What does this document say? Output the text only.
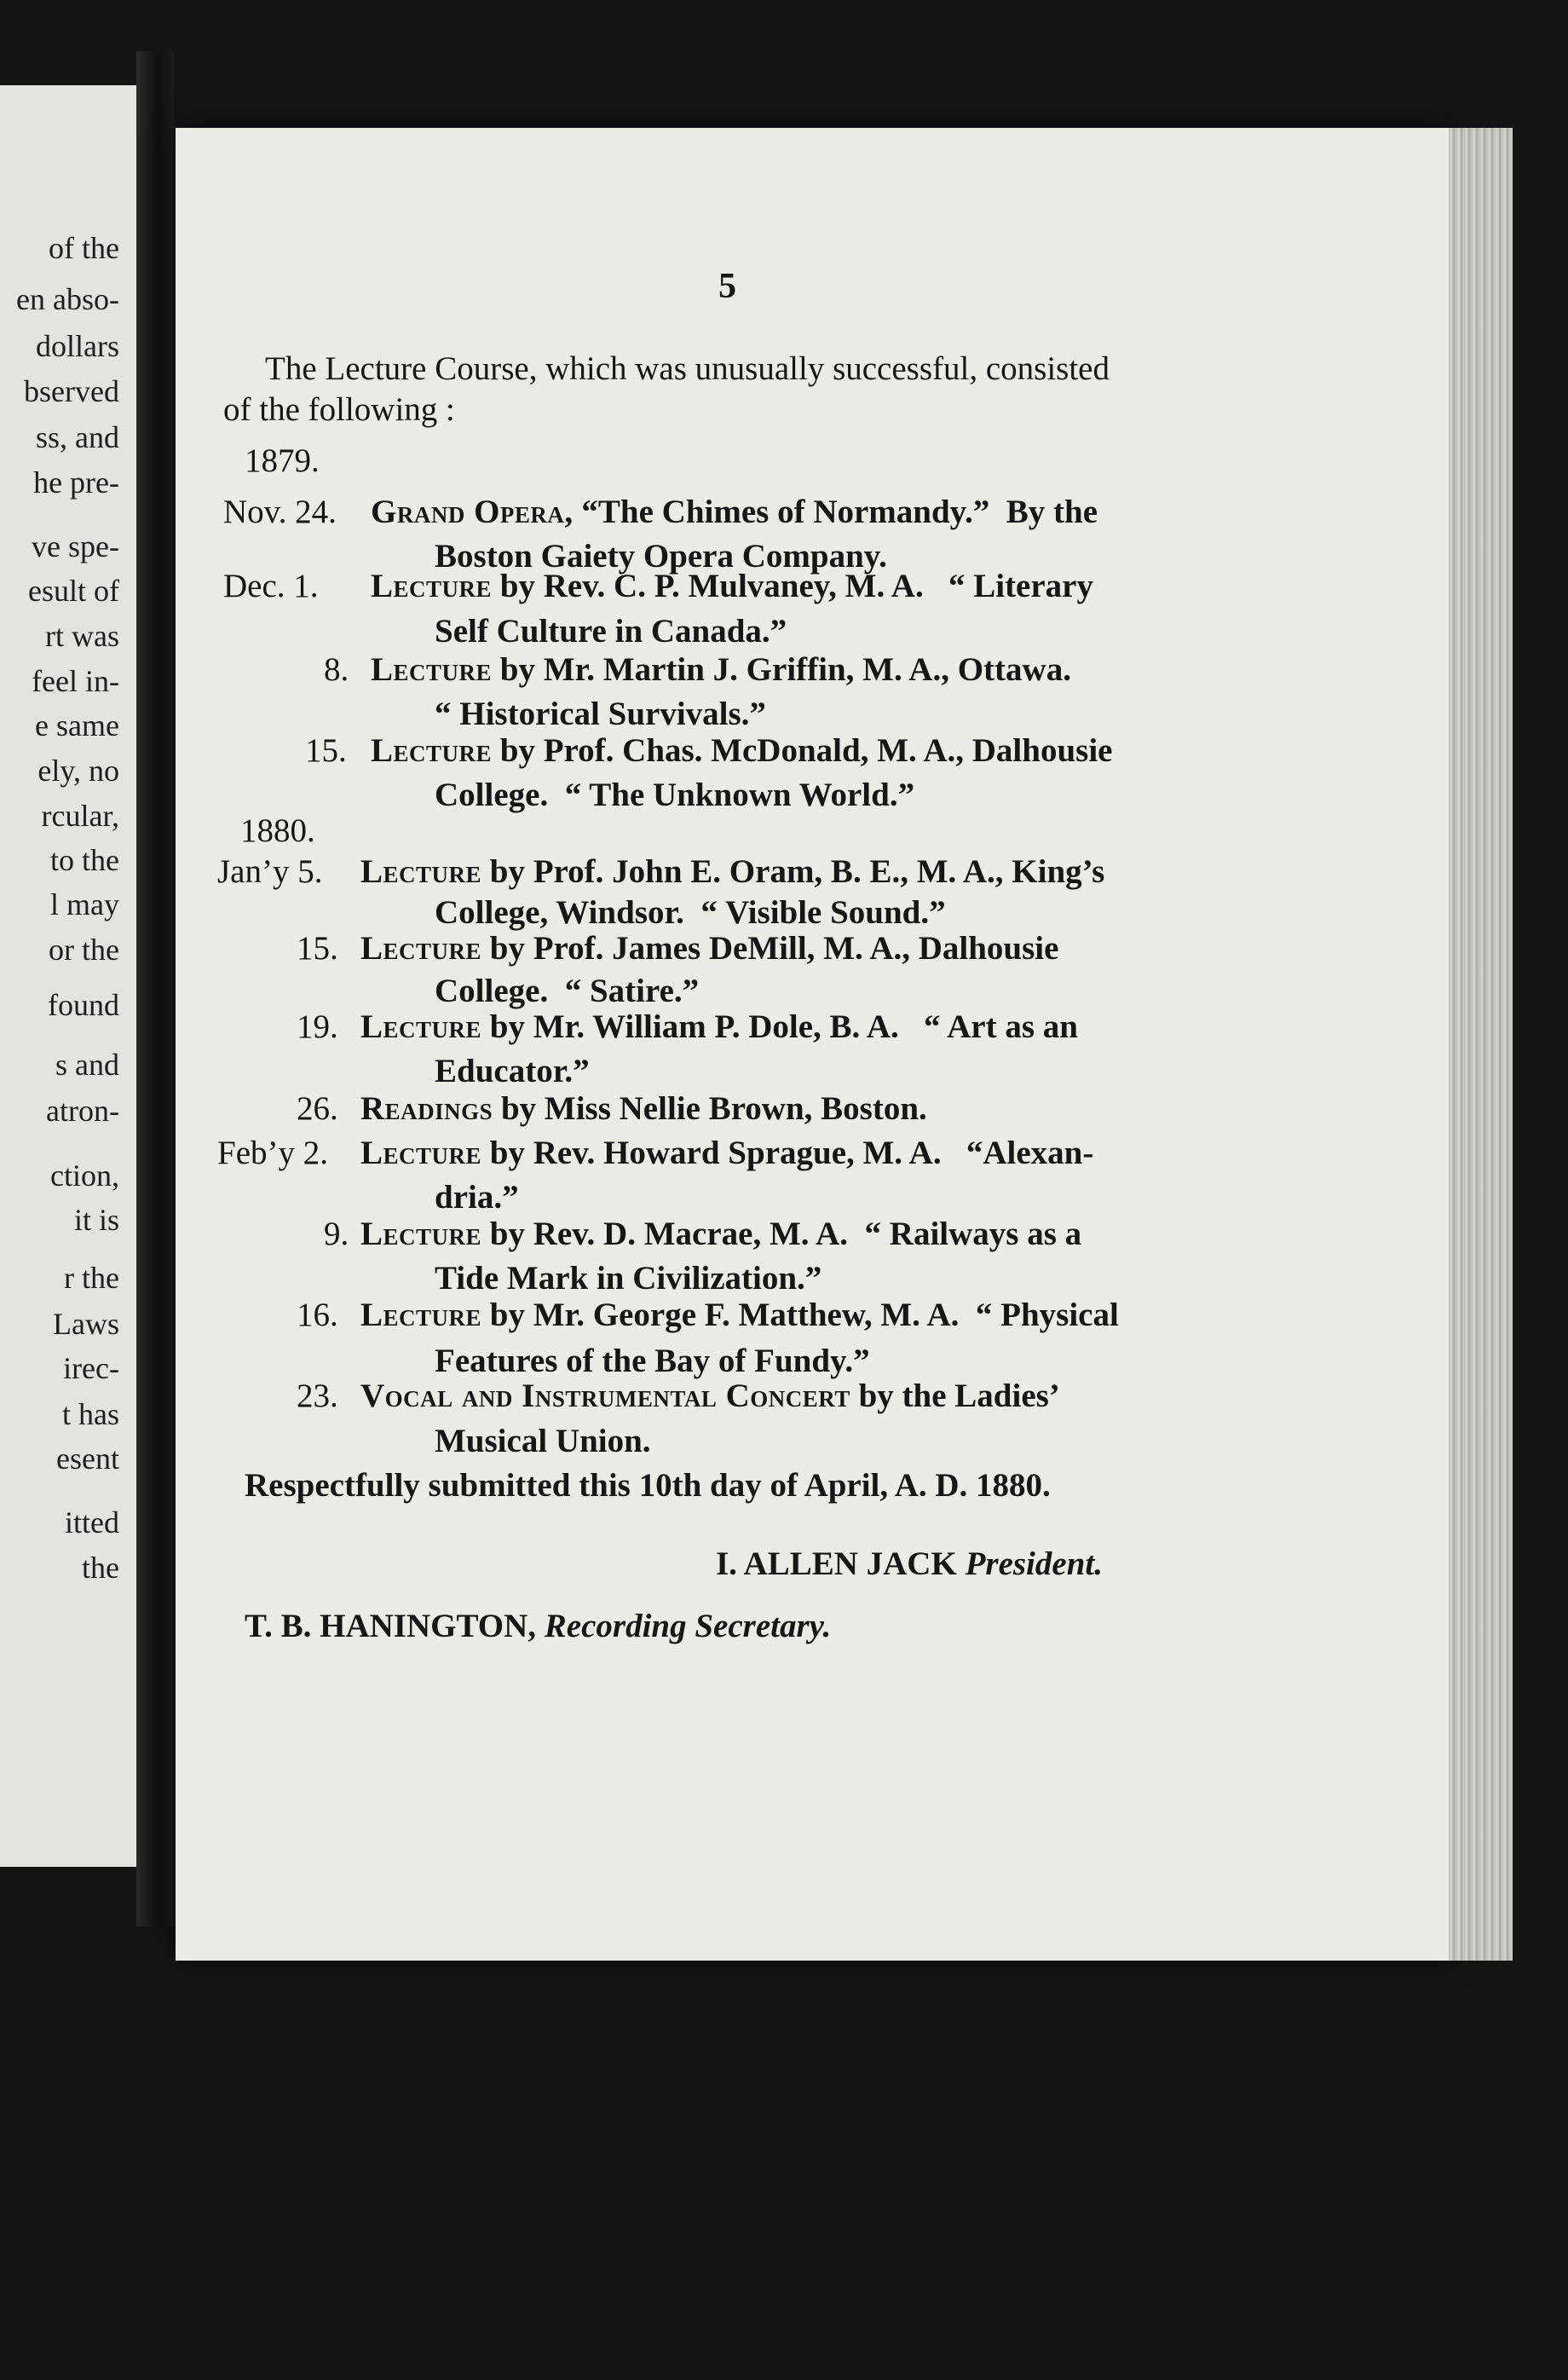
of the
en abso-
dollars
bserved
ss, and
he pre-
ve spe-
esult of
rt was
feel in-
e same
ely, no
rcular,
to the
l may
or the
found
s and
atron-
ction,
it is
r the
Laws
irec-
t has
esent
itted
the
5
The Lecture Course, which was unusually successful, consisted
of the following :
1879.
1880.
Nov. 24. Grand Opera, “The Chimes of Normandy.”  By the
Boston Gaiety Opera Company.
Dec. 1. Lecture by Rev. C. P. Mulvaney, M. A.   “ Literary
Self Culture in Canada.”
8. Lecture by Mr. Martin J. Griffin, M. A., Ottawa.
“ Historical Survivals.”
15. Lecture by Prof. Chas. McDonald, M. A., Dalhousie
College.  “ The Unknown World.”
Jan’y 5. Lecture by Prof. John E. Oram, B. E., M. A., King’s
College, Windsor.  “ Visible Sound.”
15. Lecture by Prof. James DeMill, M. A., Dalhousie
College.  “ Satire.”
19. Lecture by Mr. William P. Dole, B. A.   “ Art as an
Educator.”
26. Readings by Miss Nellie Brown, Boston.
Feb’y 2. Lecture by Rev. Howard Sprague, M. A.   “Alexan-
dria.”
9. Lecture by Rev. D. Macrae, M. A.  “ Railways as a
Tide Mark in Civilization.”
16. Lecture by Mr. George F. Matthew, M. A.  “ Physical
Features of the Bay of Fundy.”
23. Vocal and Instrumental Concert by the Ladies’
Musical Union.
Respectfully submitted this 10th day of April, A. D. 1880.
I. ALLEN JACK President.
T. B. HANINGTON, Recording Secretary.
